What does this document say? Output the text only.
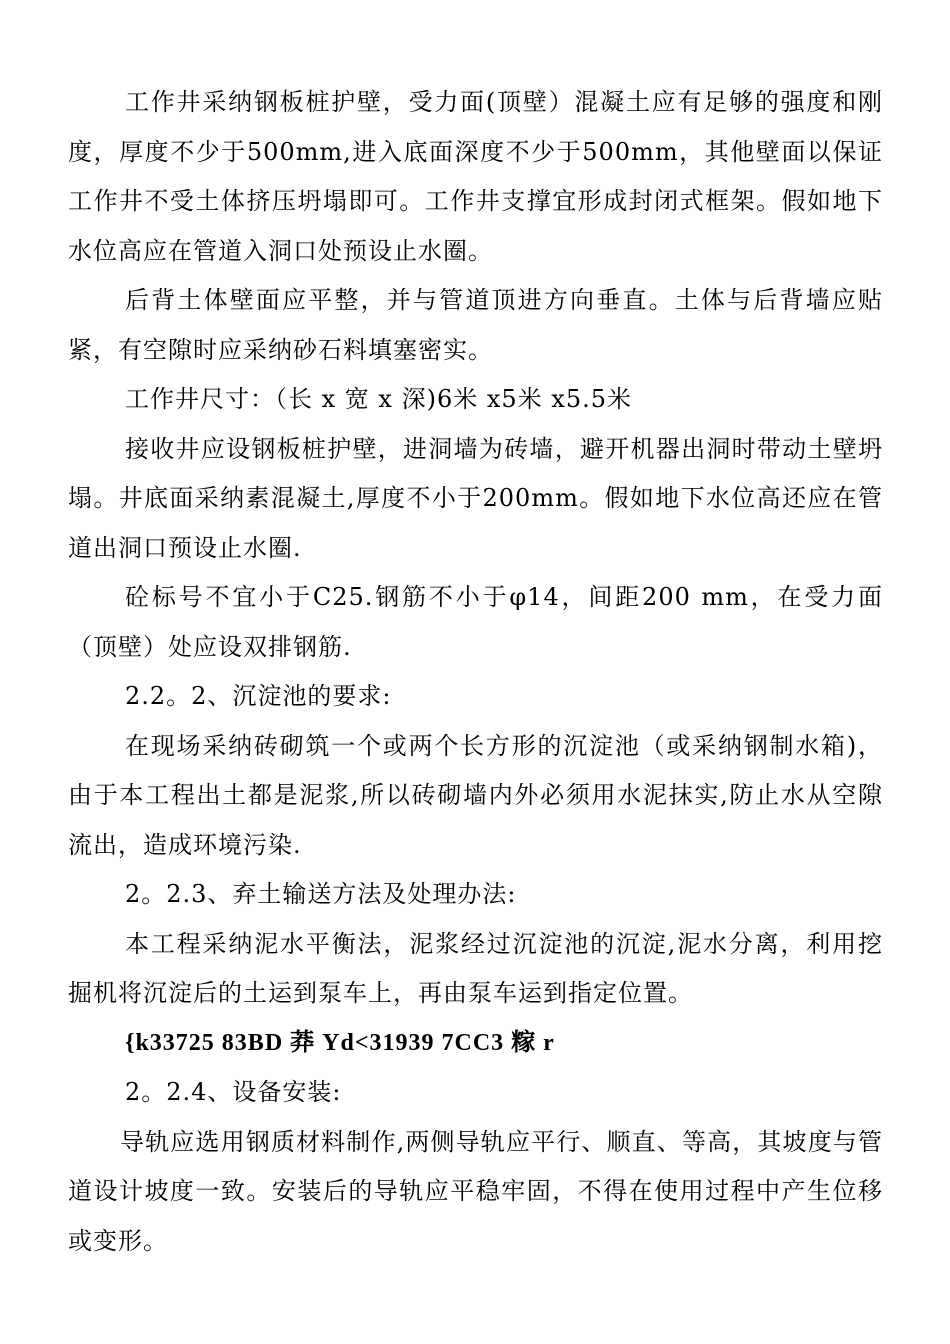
工作井采纳钢板桩护壁，受力面(顶壁）混凝土应有足够的强度和刚度，厚度不少于500mm,进入底面深度不少于500mm，其他壁面以保证工作井不受土体挤压坍塌即可。工作井支撑宜形成封闭式框架。假如地下水位高应在管道入洞口处预设止水圈。

后背土体壁面应平整，并与管道顶进方向垂直。土体与后背墙应贴紧，有空隙时应采纳砂石料填塞密实。

工作井尺寸：（长 x 宽 x 深)6米 x5米 x5.5米

接收井应设钢板桩护壁，进洞墙为砖墙，避开机器出洞时带动土壁坍塌。井底面采纳素混凝土,厚度不小于200mm。假如地下水位高还应在管道出洞口预设止水圈.

砼标号不宜小于C25.钢筋不小于φ14，间距200 mm，在受力面（顶壁）处应设双排钢筋.

2.2。2、沉淀池的要求:

在现场采纳砖砌筑一个或两个长方形的沉淀池（或采纳钢制水箱)，由于本工程出土都是泥浆,所以砖砌墙内外必须用水泥抹实,防止水从空隙流出，造成环境污染.

2。2.3、弃土输送方法及处理办法:

本工程采纳泥水平衡法，泥浆经过沉淀池的沉淀,泥水分离，利用挖掘机将沉淀后的土运到泵车上，再由泵车运到指定位置。

{k33725 83BD 莽 Yd<31939 7CC3 糘 r

2。2.4、设备安装:

导轨应选用钢质材料制作,两侧导轨应平行、顺直、等高，其坡度与管道设计坡度一致。安装后的导轨应平稳牢固，不得在使用过程中产生位移或变形。
